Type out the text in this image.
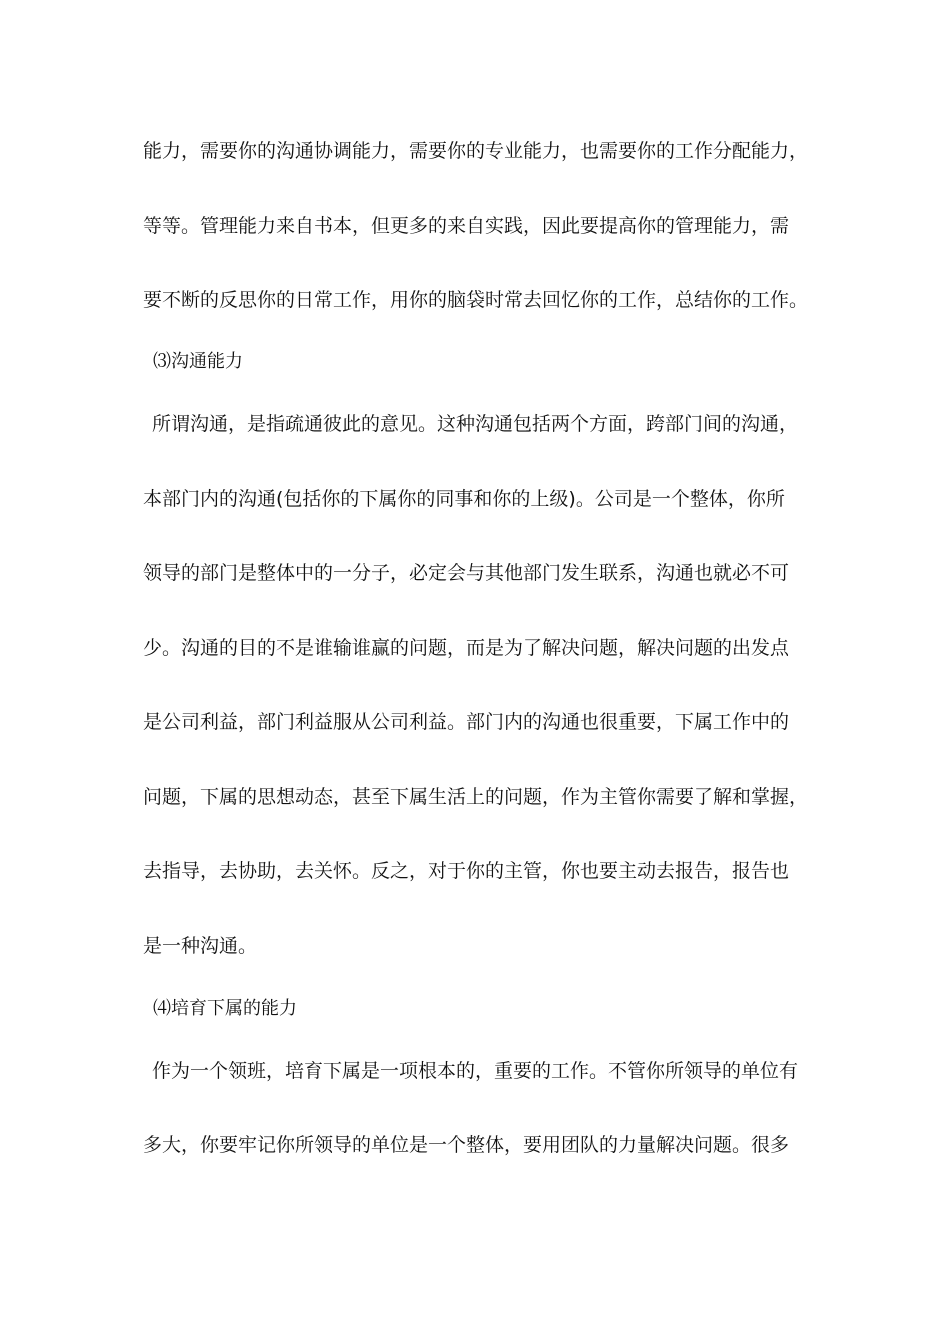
能力，需要你的沟通协调能力，需要你的专业能力，也需要你的工作分配能力，
等等。管理能力来自书本，但更多的来自实践，因此要提高你的管理能力，需
要不断的反思你的日常工作，用你的脑袋时常去回忆你的工作，总结你的工作。
⑶沟通能力
所谓沟通，是指疏通彼此的意见。这种沟通包括两个方面，跨部门间的沟通，
本部门内的沟通(包括你的下属你的同事和你的上级)。公司是一个整体，你所
领导的部门是整体中的一分子，必定会与其他部门发生联系，沟通也就必不可
少。沟通的目的不是谁输谁赢的问题，而是为了解决问题，解决问题的出发点
是公司利益，部门利益服从公司利益。部门内的沟通也很重要，下属工作中的
问题，下属的思想动态，甚至下属生活上的问题，作为主管你需要了解和掌握，
去指导，去协助，去关怀。反之，对于你的主管，你也要主动去报告，报告也
是一种沟通。
⑷培育下属的能力
作为一个领班，培育下属是一项根本的，重要的工作。不管你所领导的单位有
多大，你要牢记你所领导的单位是一个整体，要用团队的力量解决问题。很多
